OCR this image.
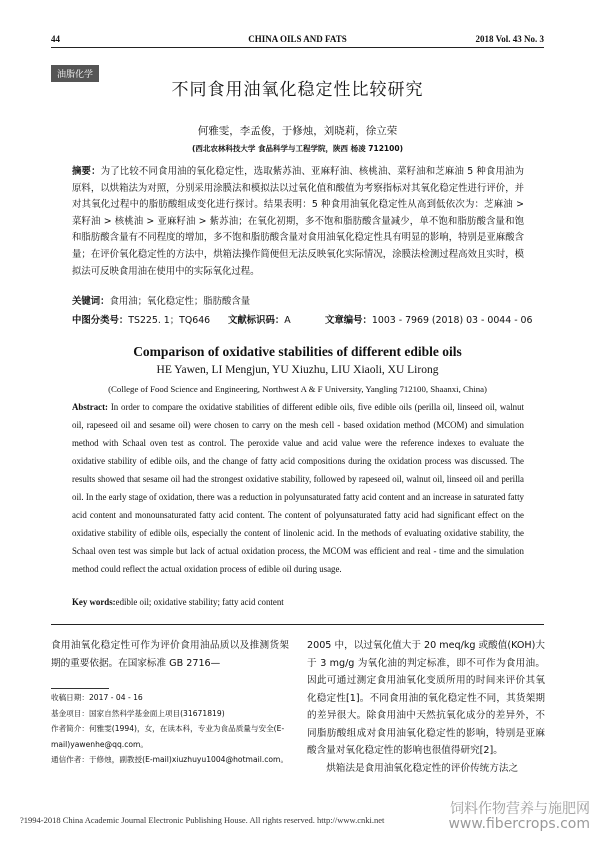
44	CHINA OILS AND FATS	2018 Vol. 43 No. 3
油脂化学
不同食用油氧化稳定性比较研究
何雅雯，李孟俊，于修烛，刘晓莉，徐立荣
(西北农林科技大学 食品科学与工程学院，陕西 杨凌 712100)
摘要：为了比较不同食用油的氧化稳定性，选取紫苏油、亚麻籽油、核桃油、菜籽油和芝麻油 5 种食用油为原料，以烘箱法为对照，分别采用涂膜法和模拟法以过氧化值和酸值为考察指标对其氧化稳定性进行评价，并对其氧化过程中的脂肪酸组成变化进行探讨。结果表明：5 种食用油氧化稳定性从高到低依次为：芝麻油 > 菜籽油 > 核桃油 > 亚麻籽油 > 紫苏油；在氧化初期，多不饱和脂肪酸含量减少，单不饱和脂肪酸含量和饱和脂肪酸含量有不同程度的增加，多不饱和脂肪酸含量对食用油氧化稳定性具有明显的影响，特别是亚麻酸含量；在评价氧化稳定性的方法中，烘箱法操作简便但无法反映氧化实际情况，涂膜法检测过程高效且实时，模拟法可反映食用油在使用中的实际氧化过程。
关键词：食用油；氧化稳定性；脂肪酸含量
中图分类号：TS225. 1；TQ646 文献标识码：A	文章编号：1003 - 7969 (2018) 03 - 0044 - 06
Comparison of oxidative stabilities of different edible oils
HE Yawen, LI Mengjun, YU Xiuzhu, LIU Xiaoli, XU Lirong
(College of Food Science and Engineering, Northwest A & F University, Yangling 712100, Shaanxi, China)
Abstract: In order to compare the oxidative stabilities of different edible oils, five edible oils (perilla oil, linseed oil, walnut oil, rapeseed oil and sesame oil) were chosen to carry on the mesh cell - based oxidation method (MCOM) and simulation method with Schaal oven test as control. The peroxide value and acid value were the reference indexes to evaluate the oxidative stability of edible oils, and the change of fatty acid compositions during the oxidation process was discussed. The results showed that sesame oil had the strongest oxidative stability, followed by rapeseed oil, walnut oil, linseed oil and perilla oil. In the early stage of oxidation, there was a reduction in polyunsaturated fatty acid content and an increase in saturated fatty acid content and monounsaturated fatty acid content. The content of polyunsaturated fatty acid had significant effect on the oxidative stability of edible oils, especially the content of linolenic acid. In the methods of evaluating oxidative stability, the Schaal oven test was simple but lack of actual oxidation process, the MCOM was efficient and real - time and the simulation method could reflect the actual oxidation process of edible oil during usage.
Key words:edible oil; oxidative stability; fatty acid content
食用油氧化稳定性可作为评价食用油品质以及推测货架期的重要依据。在国家标准 GB 2716—
收稿日期：2017 - 04 - 16
基金项目：国家自然科学基金面上项目(31671819)
作者简介：何雅雯(1994)，女，在读本科，专业为食品质量与安全(E-mail)yawenhe@qq.com。
通信作者：于修烛，副教授(E-mail)xiuzhuyu1004@hotmail.com。
2005 中，以过氧化值大于 20 meq/kg 或酸值(KOH)大于 3 mg/g 为氧化油的判定标准，即不可作为食用油。因此可通过测定食用油氧化变质所用的时间来评价其氧化稳定性[1]。不同食用油的氧化稳定性不同，其货架期的差异很大。除食用油中天然抗氧化成分的差异外，不同脂肪酸组成对食用油氧化稳定性的影响，特别是亚麻酸含量对氧化稳定性的影响也很值得研究[2]。
烘箱法是食用油氧化稳定性的评价传统方法之
?1994-2018 China Academic Journal Electronic Publishing House. All rights reserved. http://www.cnki.net
饲料作物营养与施肥网 www.fibercrops.com
